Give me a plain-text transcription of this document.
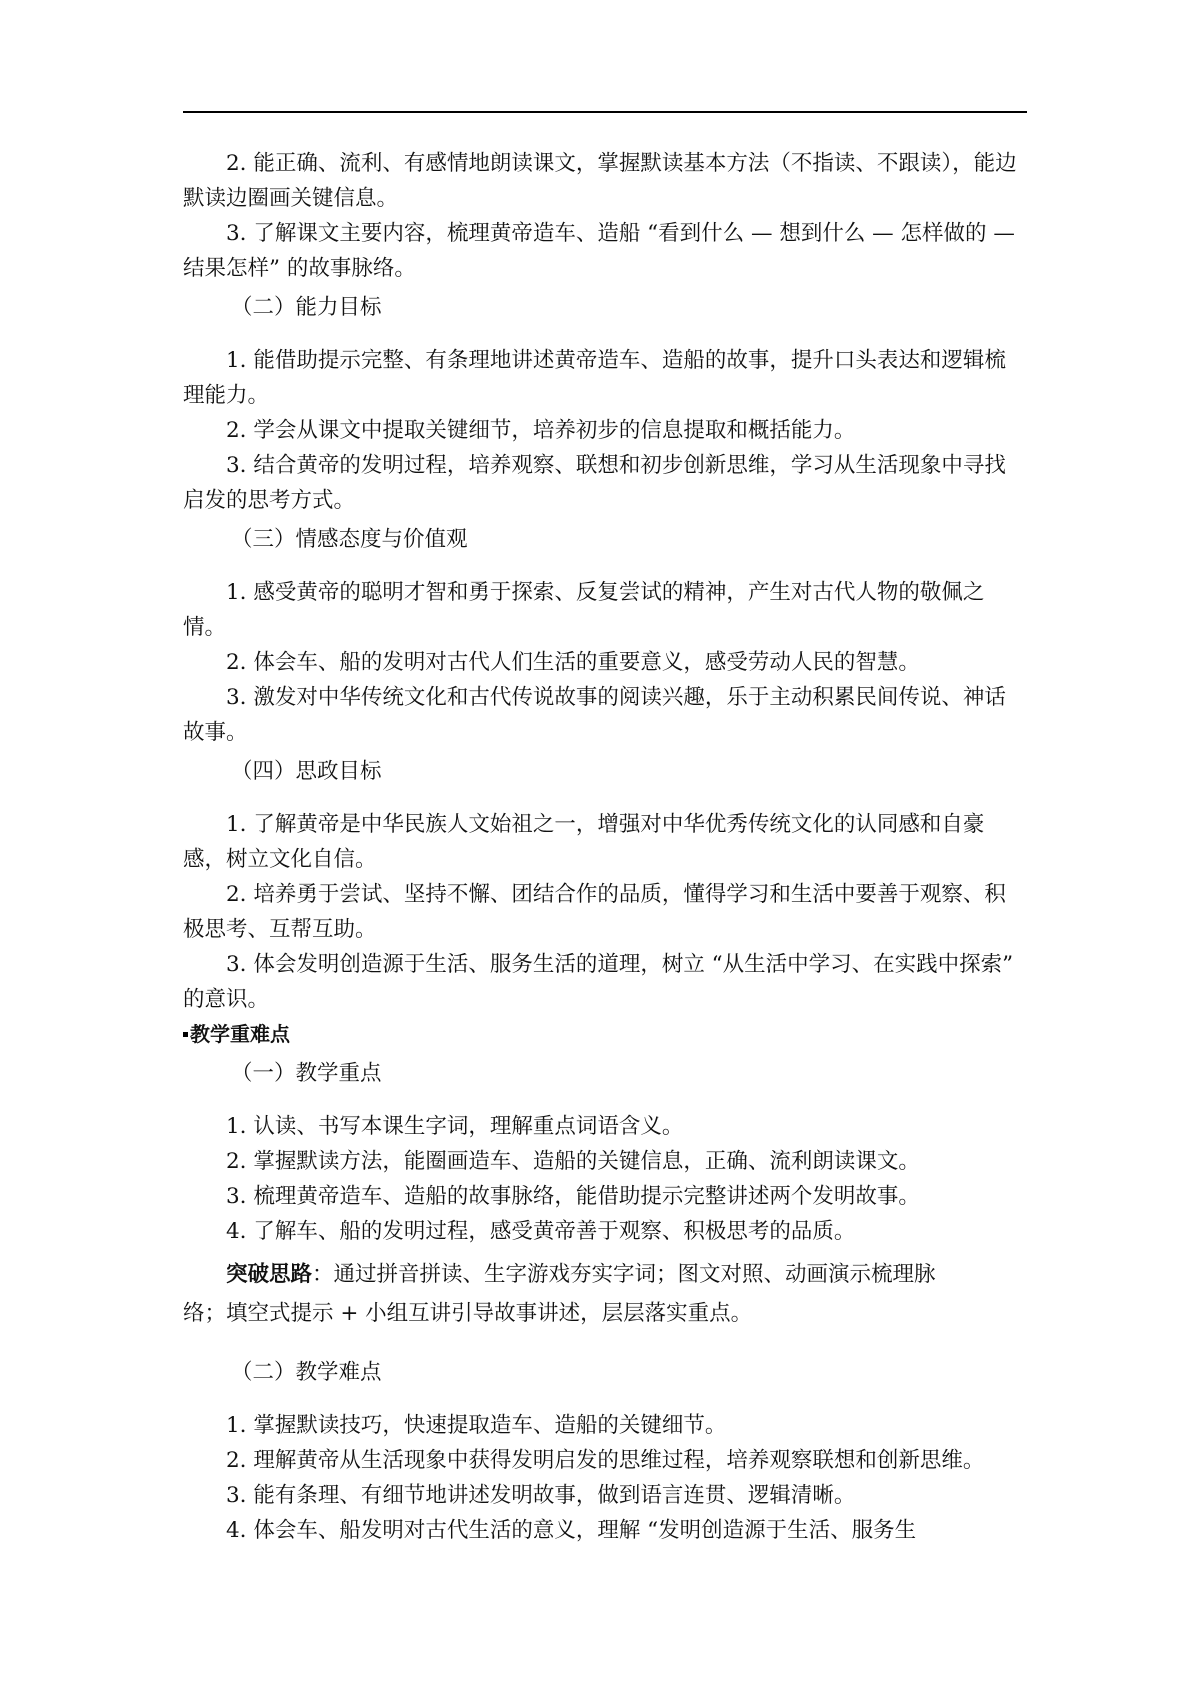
2. 能正确、流利、有感情地朗读课文，掌握默读基本方法（不指读、不跟读），能边默读边圈画关键信息。

3. 了解课文主要内容，梳理黄帝造车、造船 “看到什么 — 想到什么 — 怎样做的 — 结果怎样” 的故事脉络。

（二）能力目标

1. 能借助提示完整、有条理地讲述黄帝造车、造船的故事，提升口头表达和逻辑梳理能力。

2. 学会从课文中提取关键细节，培养初步的信息提取和概括能力。

3. 结合黄帝的发明过程，培养观察、联想和初步创新思维，学习从生活现象中寻找启发的思考方式。

（三）情感态度与价值观

1. 感受黄帝的聪明才智和勇于探索、反复尝试的精神，产生对古代人物的敬佩之情。

2. 体会车、船的发明对古代人们生活的重要意义，感受劳动人民的智慧。

3. 激发对中华传统文化和古代传说故事的阅读兴趣，乐于主动积累民间传说、神话故事。

（四）思政目标

1. 了解黄帝是中华民族人文始祖之一，增强对中华优秀传统文化的认同感和自豪感，树立文化自信。

2. 培养勇于尝试、坚持不懈、团结合作的品质，懂得学习和生活中要善于观察、积极思考、互帮互助。

3. 体会发明创造源于生活、服务生活的道理，树立 “从生活中学习、在实践中探索” 的意识。

教学重难点

（一）教学重点

1. 认读、书写本课生字词，理解重点词语含义。

2. 掌握默读方法，能圈画造车、造船的关键信息，正确、流利朗读课文。

3. 梳理黄帝造车、造船的故事脉络，能借助提示完整讲述两个发明故事。

4. 了解车、船的发明过程，感受黄帝善于观察、积极思考的品质。

突破思路：通过拼音拼读、生字游戏夯实字词；图文对照、动画演示梳理脉

络；填空式提示 + 小组互讲引导故事讲述，层层落实重点。

（二）教学难点

1. 掌握默读技巧，快速提取造车、造船的关键细节。

2. 理解黄帝从生活现象中获得发明启发的思维过程，培养观察联想和创新思维。

3. 能有条理、有细节地讲述发明故事，做到语言连贯、逻辑清晰。

4. 体会车、船发明对古代生活的意义，理解 “发明创造源于生活、服务生
